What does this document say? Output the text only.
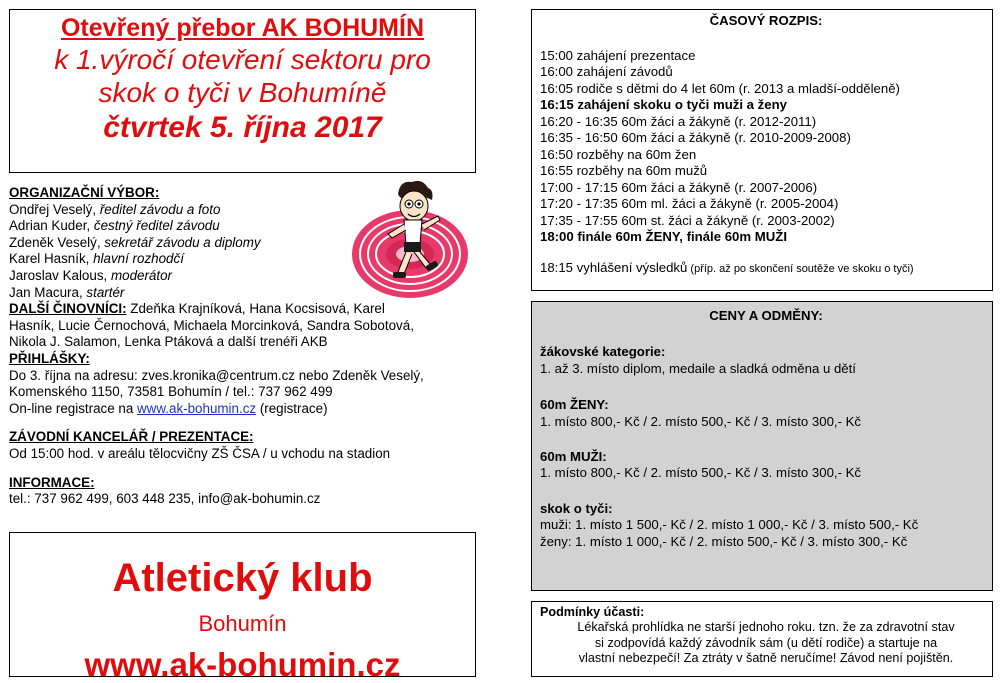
Otevřený přebor AK BOHUMÍN
k 1.výročí otevření sektoru pro
skok o tyči v Bohumíně
čtvrtek 5. října 2017
ORGANIZAČNÍ VÝBOR:
Ondřej Veselý, ředitel závodu a foto
Adrian Kuder, čestný ředitel závodu
Zdeněk Veselý, sekretář závodu a diplomy
Karel Hasník, hlavní rozhodčí
Jaroslav Kalous, moderátor
Jan Macura, startér
DALŠÍ ČINOVNÍCI: Zdeňka Krajníková, Hana Kocsisová, Karel
Hasník, Lucie Černochová, Michaela Morcinková, Sandra Sobotová,
Nikola J. Salamon, Lenka Ptáková a další trenéři AKB
PŘIHLÁŠKY:
Do 3. října na adresu: zves.kronika@centrum.cz nebo Zdeněk Veselý,
Komenského 1150, 73581 Bohumín / tel.: 737 962 499
On-line registrace na www.ak-bohumin.cz (registrace)
ZÁVODNÍ KANCELÁŘ / PREZENTACE:
Od 15:00 hod. v areálu tělocvičny ZŠ ČSA / u vchodu na stadion
INFORMACE:
tel.: 737 962 499, 603 448 235, info@ak-bohumin.cz
Atletický klub
Bohumín
www.ak-bohumin.cz
ČASOVÝ ROZPIS:
15:00 zahájení prezentace
16:00 zahájení závodů
16:05 rodiče s dětmi do 4 let 60m (r. 2013 a mladší-odděleně)
16:15 zahájení skoku o tyči muži a ženy
16:20 - 16:35 60m žáci a žákyně (r. 2012-2011)
16:35 - 16:50 60m žáci a žákyně (r. 2010-2009-2008)
16:50 rozběhy na 60m žen
16:55 rozběhy na 60m mužů
17:00 - 17:15 60m žáci a žákyně (r. 2007-2006)
17:20 - 17:35 60m ml. žáci a žákyně (r. 2005-2004)
17:35 - 17:55 60m st. žáci a žákyně (r. 2003-2002)
18:00 finále 60m ŽENY, finále 60m MUŽI
18:15 vyhlášení výsledků (příp. až po skončení soutěže ve skoku o tyči)
CENY A ODMĚNY:
žákovské kategorie:
1. až 3. místo diplom, medaile a sladká odměna u dětí
60m ŽENY:
1. místo 800,- Kč / 2. místo 500,- Kč / 3. místo 300,- Kč
60m MUŽI:
1. místo 800,- Kč / 2. místo 500,- Kč / 3. místo 300,- Kč
skok o tyči:
muži: 1. místo 1 500,- Kč / 2. místo 1 000,- Kč / 3. místo 500,- Kč
ženy: 1. místo 1 000,- Kč / 2. místo 500,- Kč / 3. místo 300,- Kč
Podmínky účasti:
Lékařská prohlídka ne starší jednoho roku. tzn. že za zdravotní stav
si zodpovídá každý závodník sám (u dětí rodiče) a startuje na
vlastní nebezpečí! Za ztráty v šatně neručíme! Závod není pojištěn.
